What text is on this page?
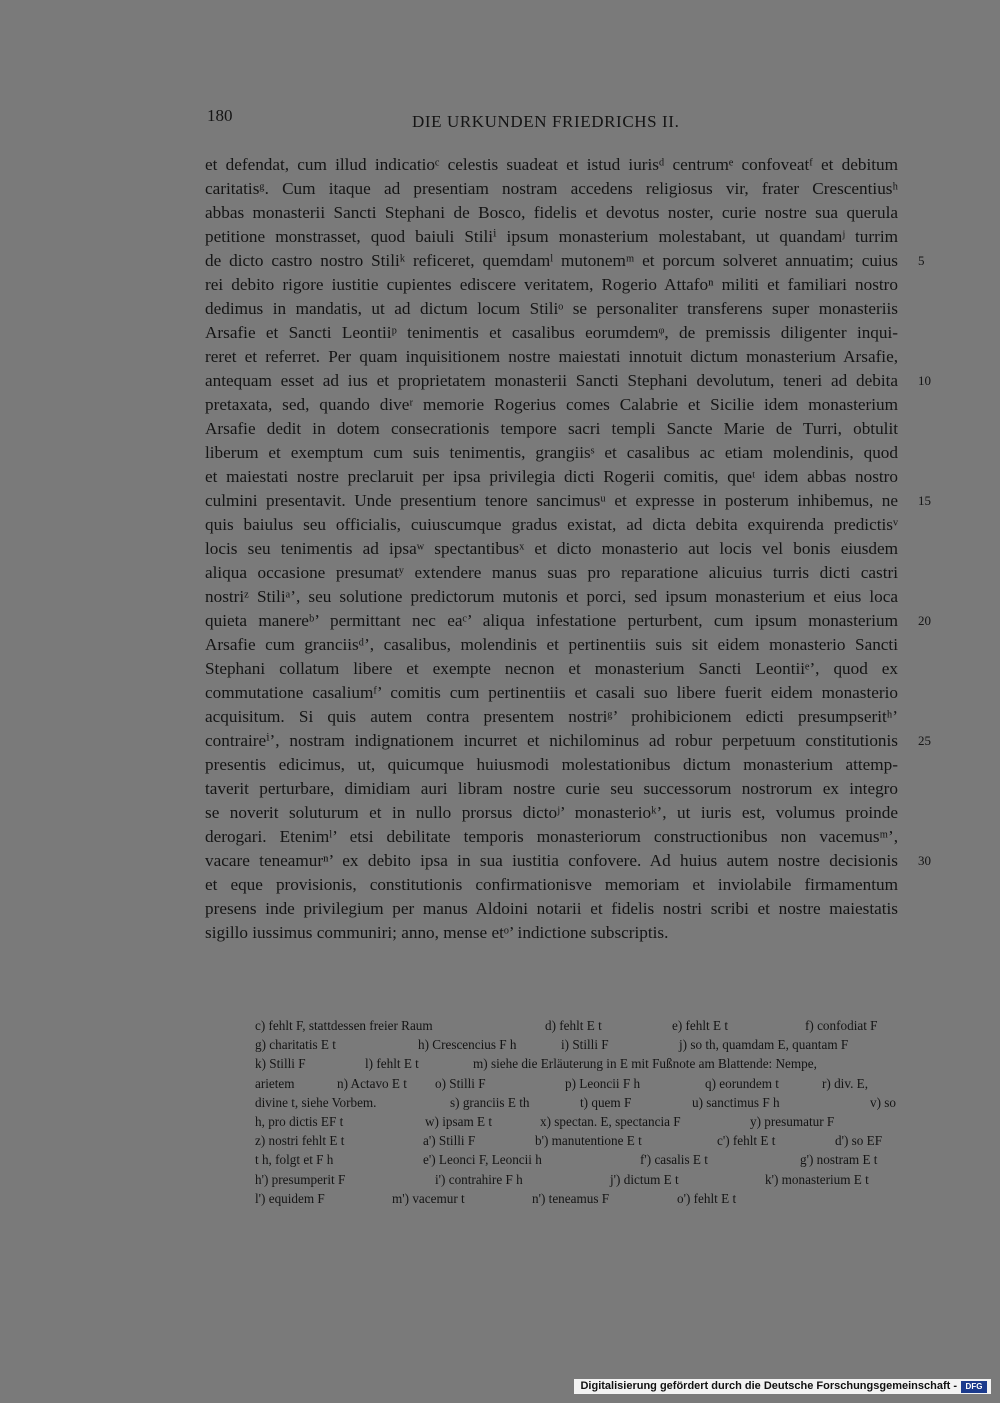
180	DIE URKUNDEN FRIEDRICHS II.
et defendat, cum illud indicatioᶜ celestis suadeat et istud iurisᵈ centrumᵉ confoveatᶠ et debitum
caritatisᵍ. Cum itaque ad presentiam nostram accedens religiosus vir, frater Crescentiusʰ
abbas monasterii Sancti Stephani de Bosco, fidelis et devotus noster, curie nostre sua querula
petitione monstrasset, quod baiuli Stiliⁱ ipsum monasterium molestabant, ut quandamʲ turrim
de dicto castro nostro Stiliᵏ reficeret, quemdamˡ mutonemᵐ et porcum solveret annuatim; cuius
rei debito rigore iustitie cupientes ediscere veritatem, Rogerio Attafoⁿ militi et familiari nostro
dedimus in mandatis, ut ad dictum locum Stiliᵒ se personaliter transferens super monasteriis
Arsafie et Sancti Leontiiᵖ tenimentis et casalibus eorumdemᵠ, de premissis diligenter inqui-
reret et referret. Per quam inquisitionem nostre maiestati innotuit dictum monasterium Arsafie,
antequam esset ad ius et proprietatem monasterii Sancti Stephani devolutum, teneri ad debita
pretaxata, sed, quando diveʳ memorie Rogerius comes Calabrie et Sicilie idem monasterium
Arsafie dedit in dotem consecrationis tempore sacri templi Sancte Marie de Turri, obtulit
liberum et exemptum cum suis tenimentis, grangiisˢ et casalibus ac etiam molendinis, quod
et maiestati nostre preclaruit per ipsa privilegia dicti Rogerii comitis, queᵗ idem abbas nostro
culmini presentavit. Unde presentium tenore sancimusᵘ et expresse in posterum inhibemus, ne
quis baiulus seu officialis, cuiuscumque gradus existat, ad dicta debita exquirenda predictisᵛ
locis seu tenimentis ad ipsaʷ spectantibusˣ et dicto monasterio aut locis vel bonis eiusdem
aliqua occasione presumatʸ extendere manus suas pro reparatione alicuius turris dicti castri
nostriᶻ Stiliᵃ’, seu solutione predictorum mutonis et porci, sed ipsum monasterium et eius loca
quieta manereᵇ’ permittant nec eaᶜ’ aliqua infestatione perturbent, cum ipsum monasterium
Arsafie cum granciisᵈ’, casalibus, molendinis et pertinentiis suis sit eidem monasterio Sancti
Stephani collatum libere et exempte necnon et monasterium Sancti Leontiiᵉ’, quod ex
commutatione casaliumᶠ’ comitis cum pertinentiis et casali suo libere fuerit eidem monasterio
acquisitum. Si quis autem contra presentem nostriᵍ’ prohibicionem edicti presumpseritʰ’
contraireⁱ’, nostram indignationem incurret et nichilominus ad robur perpetuum constitutionis
presentis edicimus, ut, quicumque huiusmodi molestationibus dictum monasterium attemp-
taverit perturbare, dimidiam auri libram nostre curie seu successorum nostrorum ex integro
se noverit soluturum et in nullo prorsus dictoʲ’ monasterioᵏ’, ut iuris est, volumus proinde
derogari. Etenimˡ’ etsi debilitate temporis monasteriorum constructionibus non vacemusᵐ’,
vacare teneamurⁿ’ ex debito ipsa in sua iustitia confovere. Ad huius autem nostre decisionis
et eque provisionis, constitutionis confirmationisve memoriam et inviolabile firmamentum
presens inde privilegium per manus Aldoini notarii et fidelis nostri scribi et nostre maiestatis
sigillo iussimus communiri; anno, mense etᵒ’ indictione subscriptis.
5
10
15
20
25
30
c) fehlt F, stattdessen freier Raum	d) fehlt E t	e) fehlt E t	f) confodiat F
g) charitatis E t	h) Crescencius F h	i) Stilli F	j) so th, quamdam E, quantam F
k) Stilli F	l) fehlt E t	m) siehe die Erläuterung in E mit Fußnote am Blattende: Nempe,
arietem	n) Actavo E t o) Stilli F	p) Leoncii F h	q) eorundem t	r) div. E,
divine t, siehe Vorbem.	s) granciis E th	t) quem F	u) sanctimus F h	v) so
h, pro dictis EF t	w) ipsam E t	x) spectan. E, spectancia F	y) presumatur F
z) nostri fehlt E t	a') Stilli F	b') manutentione E t	c') fehlt E t	d') so EF
t h, folgt et F h	e') Leonci F, Leoncii h	f') casalis E t	g') nostram E t
h') presumperit F	i') contrahire F h	j') dictum E t	k') monasterium E t
l') equidem F	m') vacemur t	n') teneamus F	o') fehlt E t
Digitalisierung gefördert durch die Deutsche Forschungsgemeinschaft - DFG
